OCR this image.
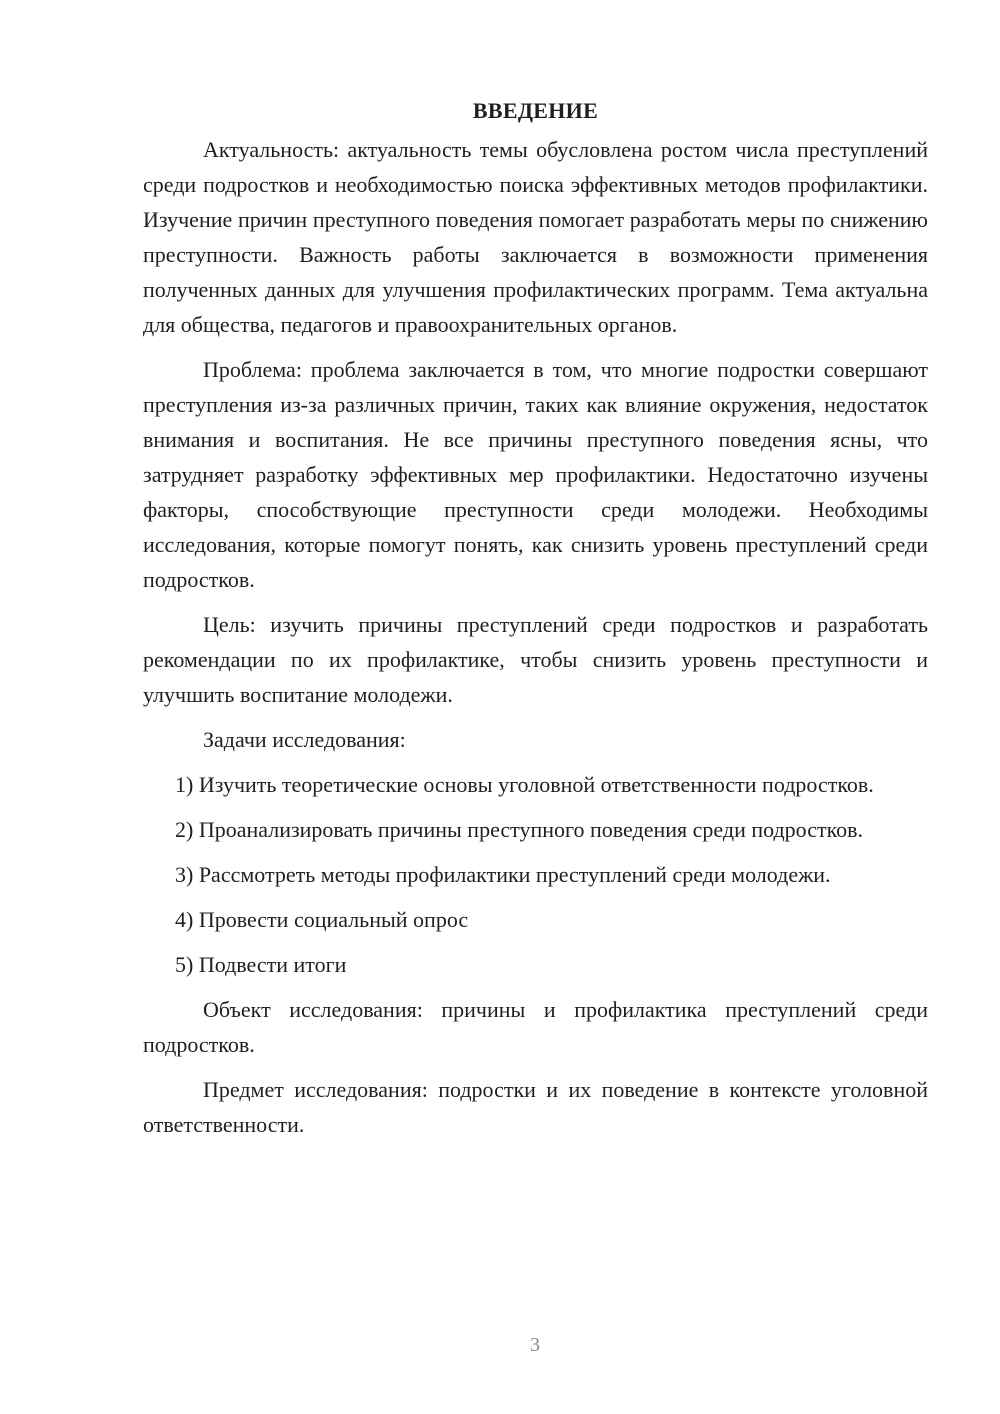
ВВЕДЕНИЕ

Актуальность: актуальность темы обусловлена ростом числа преступлений среди подростков и необходимостью поиска эффективных методов профилактики. Изучение причин преступного поведения помогает разработать меры по снижению преступности. Важность работы заключается в возможности применения полученных данных для улучшения профилактических программ. Тема актуальна для общества, педагогов и правоохранительных органов.

Проблема: проблема заключается в том, что многие подростки совершают преступления из-за различных причин, таких как влияние окружения, недостаток внимания и воспитания. Не все причины преступного поведения ясны, что затрудняет разработку эффективных мер профилактики. Недостаточно изучены факторы, способствующие преступности среди молодежи. Необходимы исследования, которые помогут понять, как снизить уровень преступлений среди подростков.

Цель: изучить причины преступлений среди подростков и разработать рекомендации по их профилактике, чтобы снизить уровень преступности и улучшить воспитание молодежи.

Задачи исследования:

1) Изучить теоретические основы уголовной ответственности подростков.

2) Проанализировать причины преступного поведения среди подростков.

3) Рассмотреть методы профилактики преступлений среди молодежи.

4) Провести социальный опрос

5) Подвести итоги

Объект исследования: причины и профилактика преступлений среди подростков.

Предмет исследования: подростки и их поведение в контексте уголовной ответственности.

3
